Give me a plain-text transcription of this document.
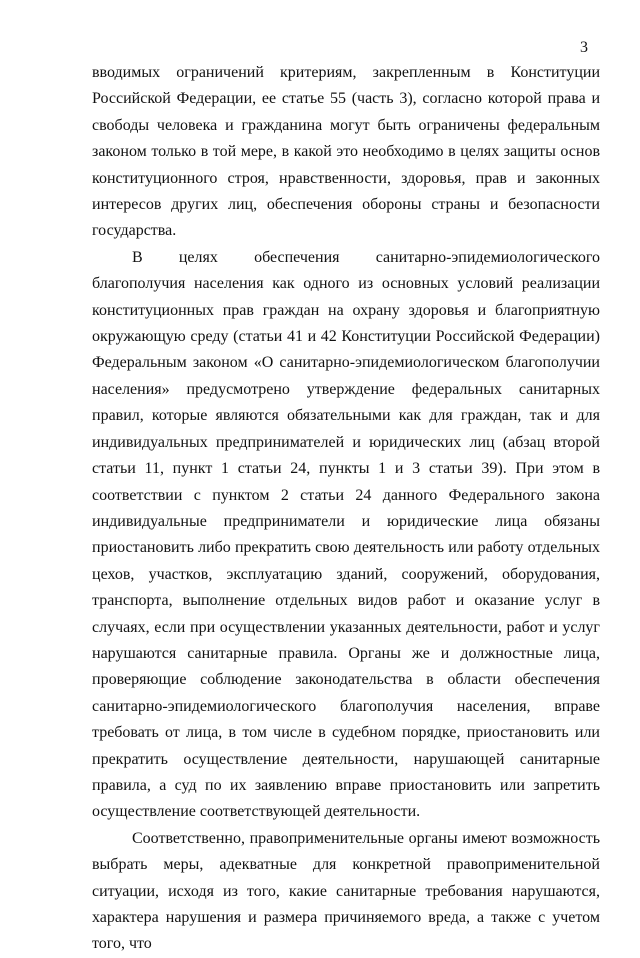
3

вводимых ограничений критериям, закрепленным в Конституции Российской Федерации, ее статье 55 (часть 3), согласно которой права и свободы человека и гражданина могут быть ограничены федеральным законом только в той мере, в какой это необходимо в целях защиты основ конституционного строя, нравственности, здоровья, прав и законных интересов других лиц, обеспечения обороны страны и безопасности государства.

В целях обеспечения санитарно-эпидемиологического благополучия населения как одного из основных условий реализации конституционных прав граждан на охрану здоровья и благоприятную окружающую среду (статьи 41 и 42 Конституции Российской Федерации) Федеральным законом «О санитарно-эпидемиологическом благополучии населения» предусмотрено утверждение федеральных санитарных правил, которые являются обязательными как для граждан, так и для индивидуальных предпринимателей и юридических лиц (абзац второй статьи 11, пункт 1 статьи 24, пункты 1 и 3 статьи 39). При этом в соответствии с пунктом 2 статьи 24 данного Федерального закона индивидуальные предприниматели и юридические лица обязаны приостановить либо прекратить свою деятельность или работу отдельных цехов, участков, эксплуатацию зданий, сооружений, оборудования, транспорта, выполнение отдельных видов работ и оказание услуг в случаях, если при осуществлении указанных деятельности, работ и услуг нарушаются санитарные правила. Органы же и должностные лица, проверяющие соблюдение законодательства в области обеспечения санитарно-эпидемиологического благополучия населения, вправе требовать от лица, в том числе в судебном порядке, приостановить или прекратить осуществление деятельности, нарушающей санитарные правила, а суд по их заявлению вправе приостановить или запретить осуществление соответствующей деятельности.

Соответственно, правоприменительные органы имеют возможность выбрать меры, адекватные для конкретной правоприменительной ситуации, исходя из того, какие санитарные требования нарушаются, характера нарушения и размера причиняемого вреда, а также с учетом того, что
